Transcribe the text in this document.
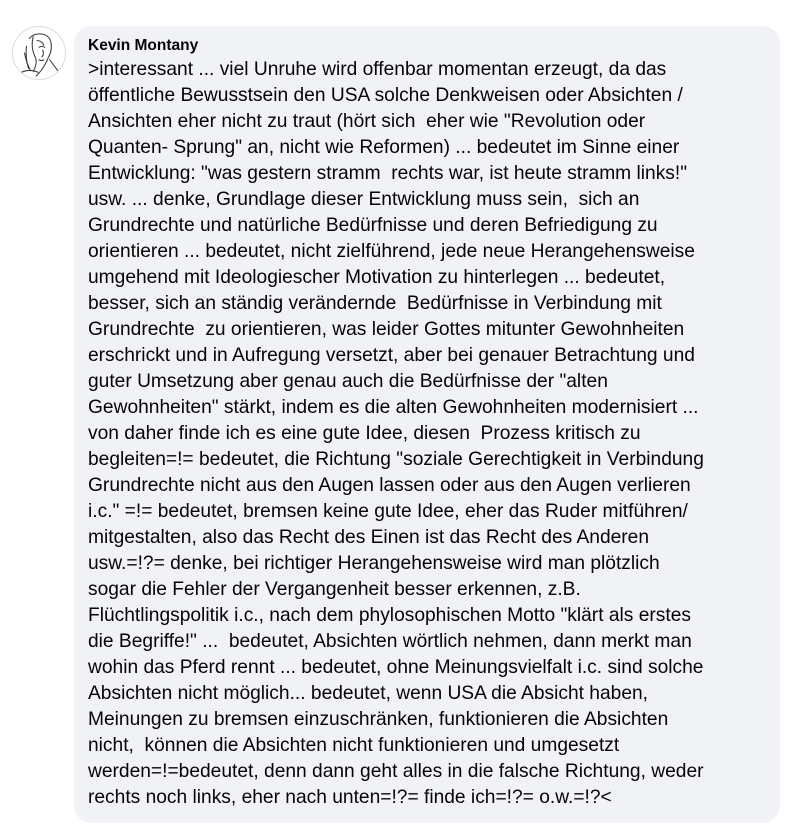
Kevin Montany

>interessant ... viel Unruhe wird offenbar momentan erzeugt, da das
öffentliche Bewusstsein den USA solche Denkweisen oder Absichten /
Ansichten eher nicht zu traut (hört sich  eher wie "Revolution oder
Quanten- Sprung" an, nicht wie Reformen) ... bedeutet im Sinne einer
Entwicklung: "was gestern stramm  rechts war, ist heute stramm links!"
usw. ... denke, Grundlage dieser Entwicklung muss sein,  sich an
Grundrechte und natürliche Bedürfnisse und deren Befriedigung zu
orientieren ... bedeutet, nicht zielführend, jede neue Herangehensweise
umgehend mit Ideologiescher Motivation zu hinterlegen ... bedeutet,
besser, sich an ständig verändernde  Bedürfnisse in Verbindung mit
Grundrechte  zu orientieren, was leider Gottes mitunter Gewohnheiten
erschrickt und in Aufregung versetzt, aber bei genauer Betrachtung und
guter Umsetzung aber genau auch die Bedürfnisse der "alten
Gewohnheiten" stärkt, indem es die alten Gewohnheiten modernisiert ...
von daher finde ich es eine gute Idee, diesen  Prozess kritisch zu
begleiten=!= bedeutet, die Richtung "soziale Gerechtigkeit in Verbindung
Grundrechte nicht aus den Augen lassen oder aus den Augen verlieren
i.c." =!= bedeutet, bremsen keine gute Idee, eher das Ruder mitführen/
mitgestalten, also das Recht des Einen ist das Recht des Anderen
usw.=!?= denke, bei richtiger Herangehensweise wird man plötzlich
sogar die Fehler der Vergangenheit besser erkennen, z.B.
Flüchtlingspolitik i.c., nach dem phylosophischen Motto "klärt als erstes
die Begriffe!" ...  bedeutet, Absichten wörtlich nehmen, dann merkt man
wohin das Pferd rennt ... bedeutet, ohne Meinungsvielfalt i.c. sind solche
Absichten nicht möglich... bedeutet, wenn USA die Absicht haben,
Meinungen zu bremsen einzuschränken, funktionieren die Absichten
nicht,  können die Absichten nicht funktionieren und umgesetzt
werden=!=bedeutet, denn dann geht alles in die falsche Richtung, weder
rechts noch links, eher nach unten=!?= finde ich=!?= o.w.=!?<
